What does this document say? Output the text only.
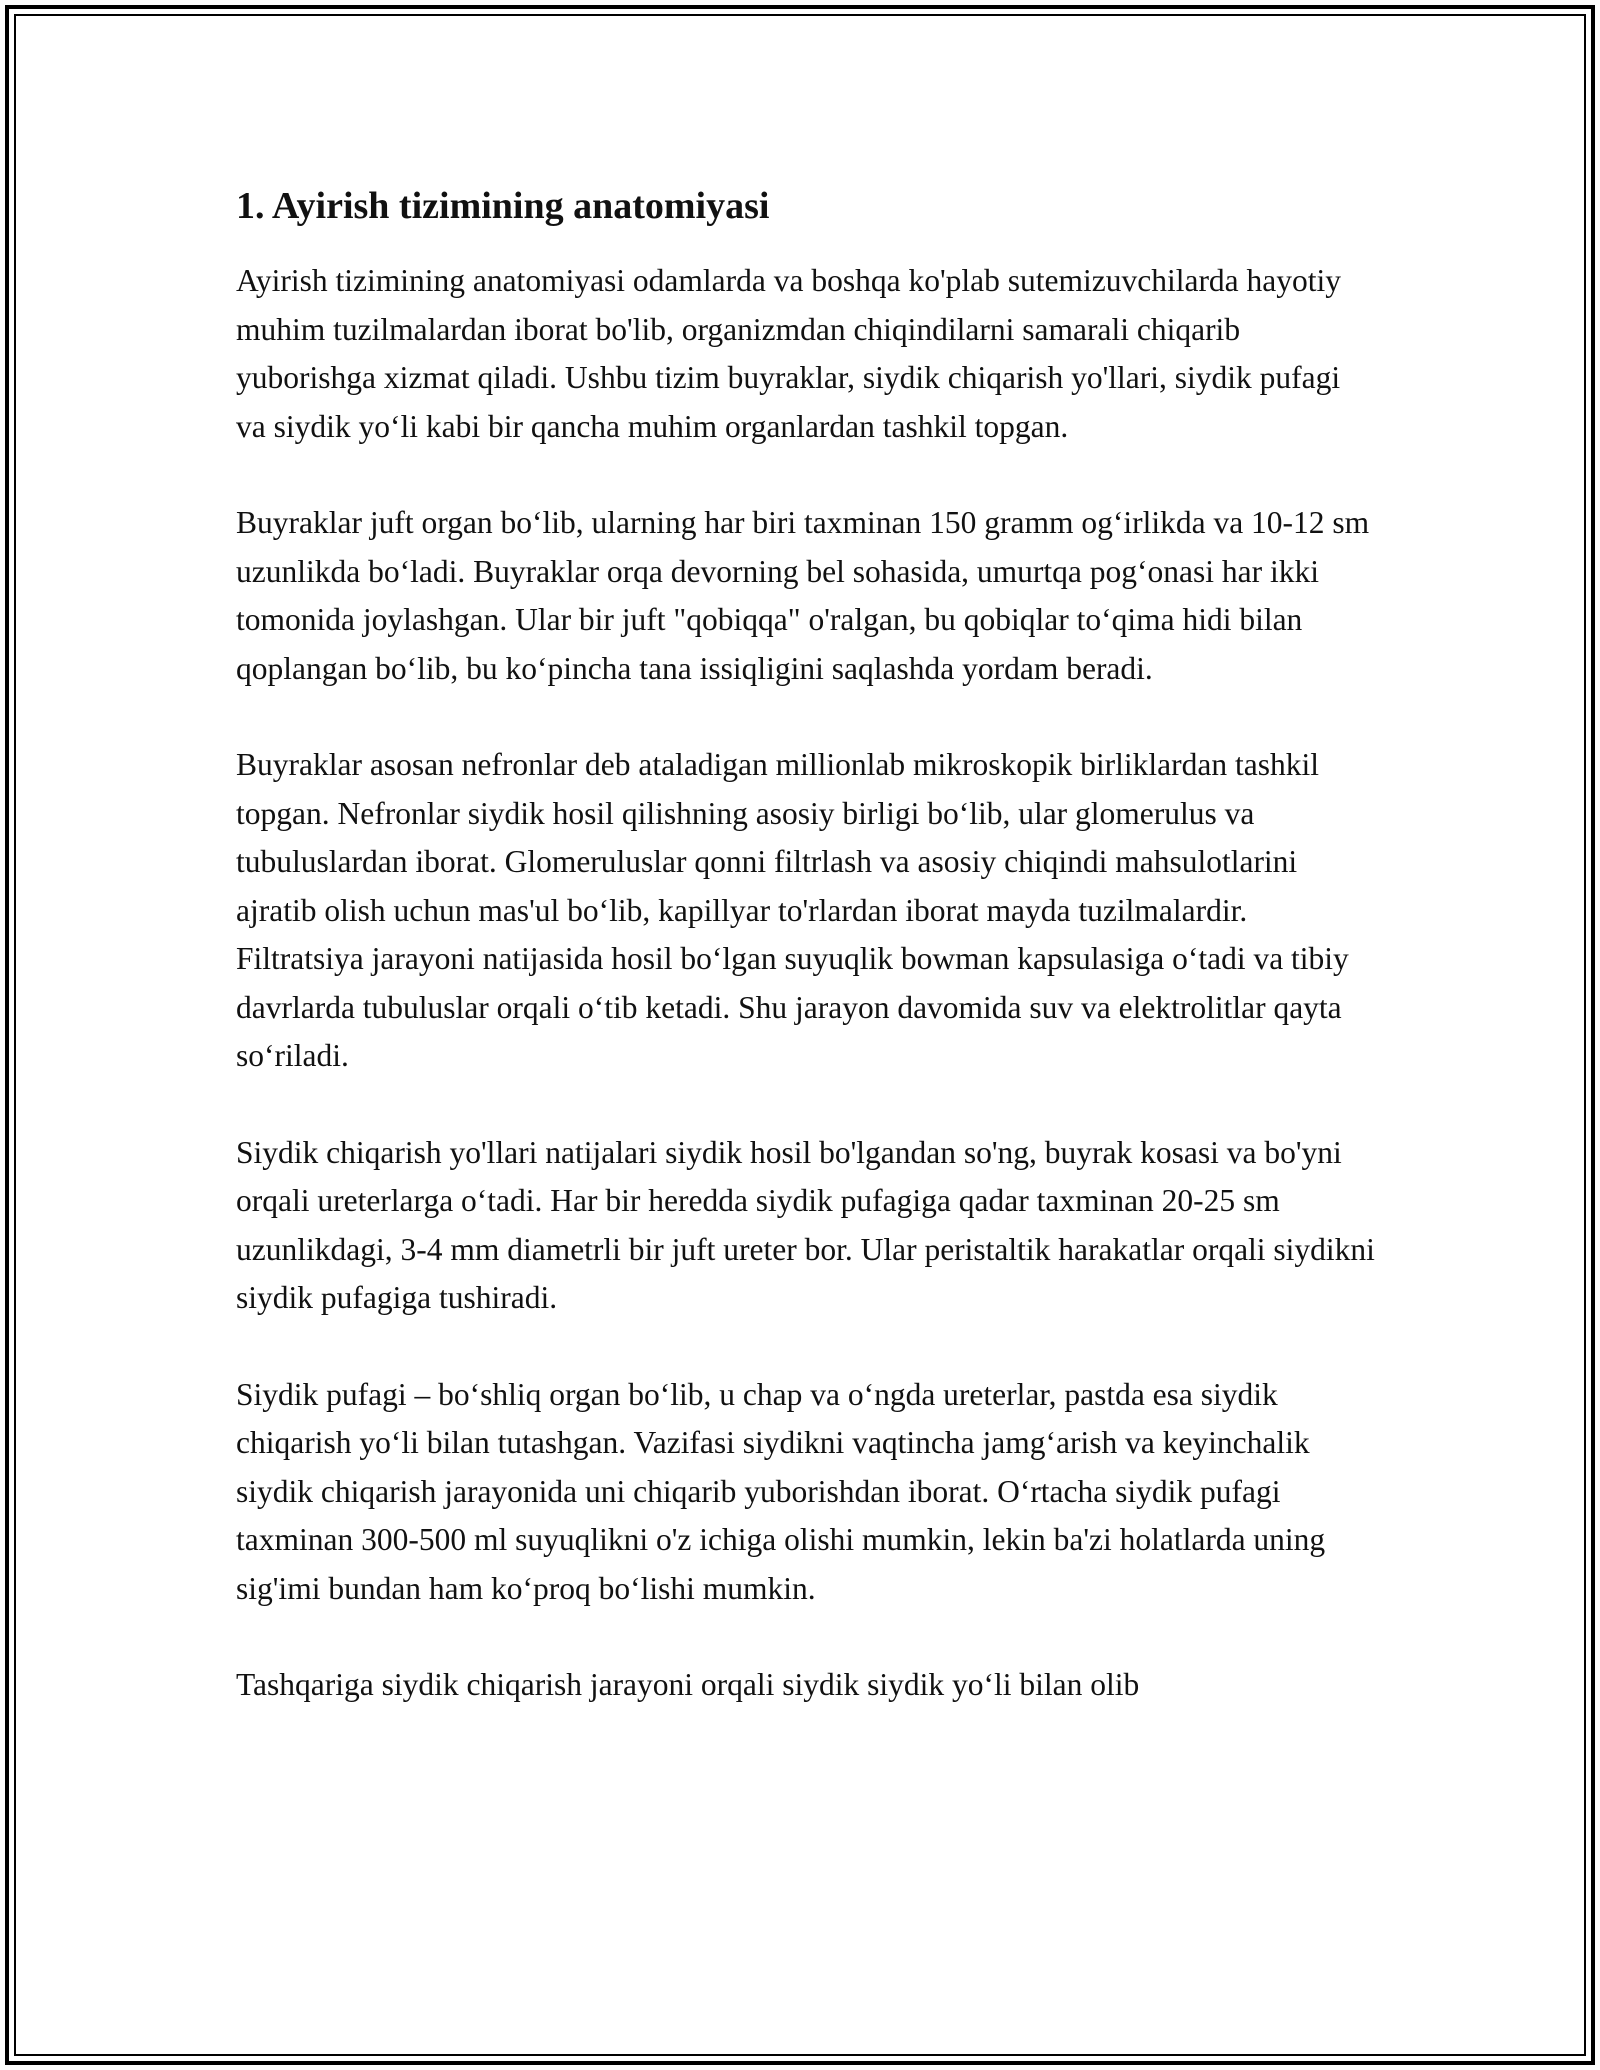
1. Ayirish tizimining anatomiyasi

Ayirish tizimining anatomiyasi odamlarda va boshqa ko'plab sutemizuvchilarda hayotiy muhim tuzilmalardan iborat bo'lib, organizmdan chiqindilarni samarali chiqarib yuborishga xizmat qiladi. Ushbu tizim buyraklar, siydik chiqarish yo'llari, siydik pufagi va siydik yo‘li kabi bir qancha muhim organlardan tashkil topgan.

Buyraklar juft organ bo‘lib, ularning har biri taxminan 150 gramm og‘irlikda va 10-12 sm uzunlikda bo‘ladi. Buyraklar orqa devorning bel sohasida, umurtqa pog‘onasi har ikki tomonida joylashgan. Ular bir juft "qobiqqa" o'ralgan, bu qobiqlar to‘qima hidi bilan qoplangan bo‘lib, bu ko‘pincha tana issiqligini saqlashda yordam beradi.

Buyraklar asosan nefronlar deb ataladigan millionlab mikroskopik birliklardan tashkil topgan. Nefronlar siydik hosil qilishning asosiy birligi bo‘lib, ular glomerulus va tubuluslardan iborat. Glomeruluslar qonni filtrlash va asosiy chiqindi mahsulotlarini ajratib olish uchun mas'ul bo‘lib, kapillyar to'rlardan iborat mayda tuzilmalardir. Filtratsiya jarayoni natijasida hosil bo‘lgan suyuqlik bowman kapsulasiga o‘tadi va tibiy davrlarda tubuluslar orqali o‘tib ketadi. Shu jarayon davomida suv va elektrolitlar qayta so‘riladi.

Siydik chiqarish yo'llari natijalari siydik hosil bo'lgandan so'ng, buyrak kosasi va bo'yni orqali ureterlarga o‘tadi. Har bir heredda siydik pufagiga qadar taxminan 20-25 sm uzunlikdagi, 3-4 mm diametrli bir juft ureter bor. Ular peristaltik harakatlar orqali siydikni siydik pufagiga tushiradi.

Siydik pufagi – bo‘shliq organ bo‘lib, u chap va o‘ngda ureterlar, pastda esa siydik chiqarish yo‘li bilan tutashgan. Vazifasi siydikni vaqtincha jamg‘arish va keyinchalik siydik chiqarish jarayonida uni chiqarib yuborishdan iborat. O‘rtacha siydik pufagi taxminan 300-500 ml suyuqlikni o'z ichiga olishi mumkin, lekin ba'zi holatlarda uning sig'imi bundan ham ko‘proq bo‘lishi mumkin.

Tashqariga siydik chiqarish jarayoni orqali siydik siydik yo‘li bilan olib
